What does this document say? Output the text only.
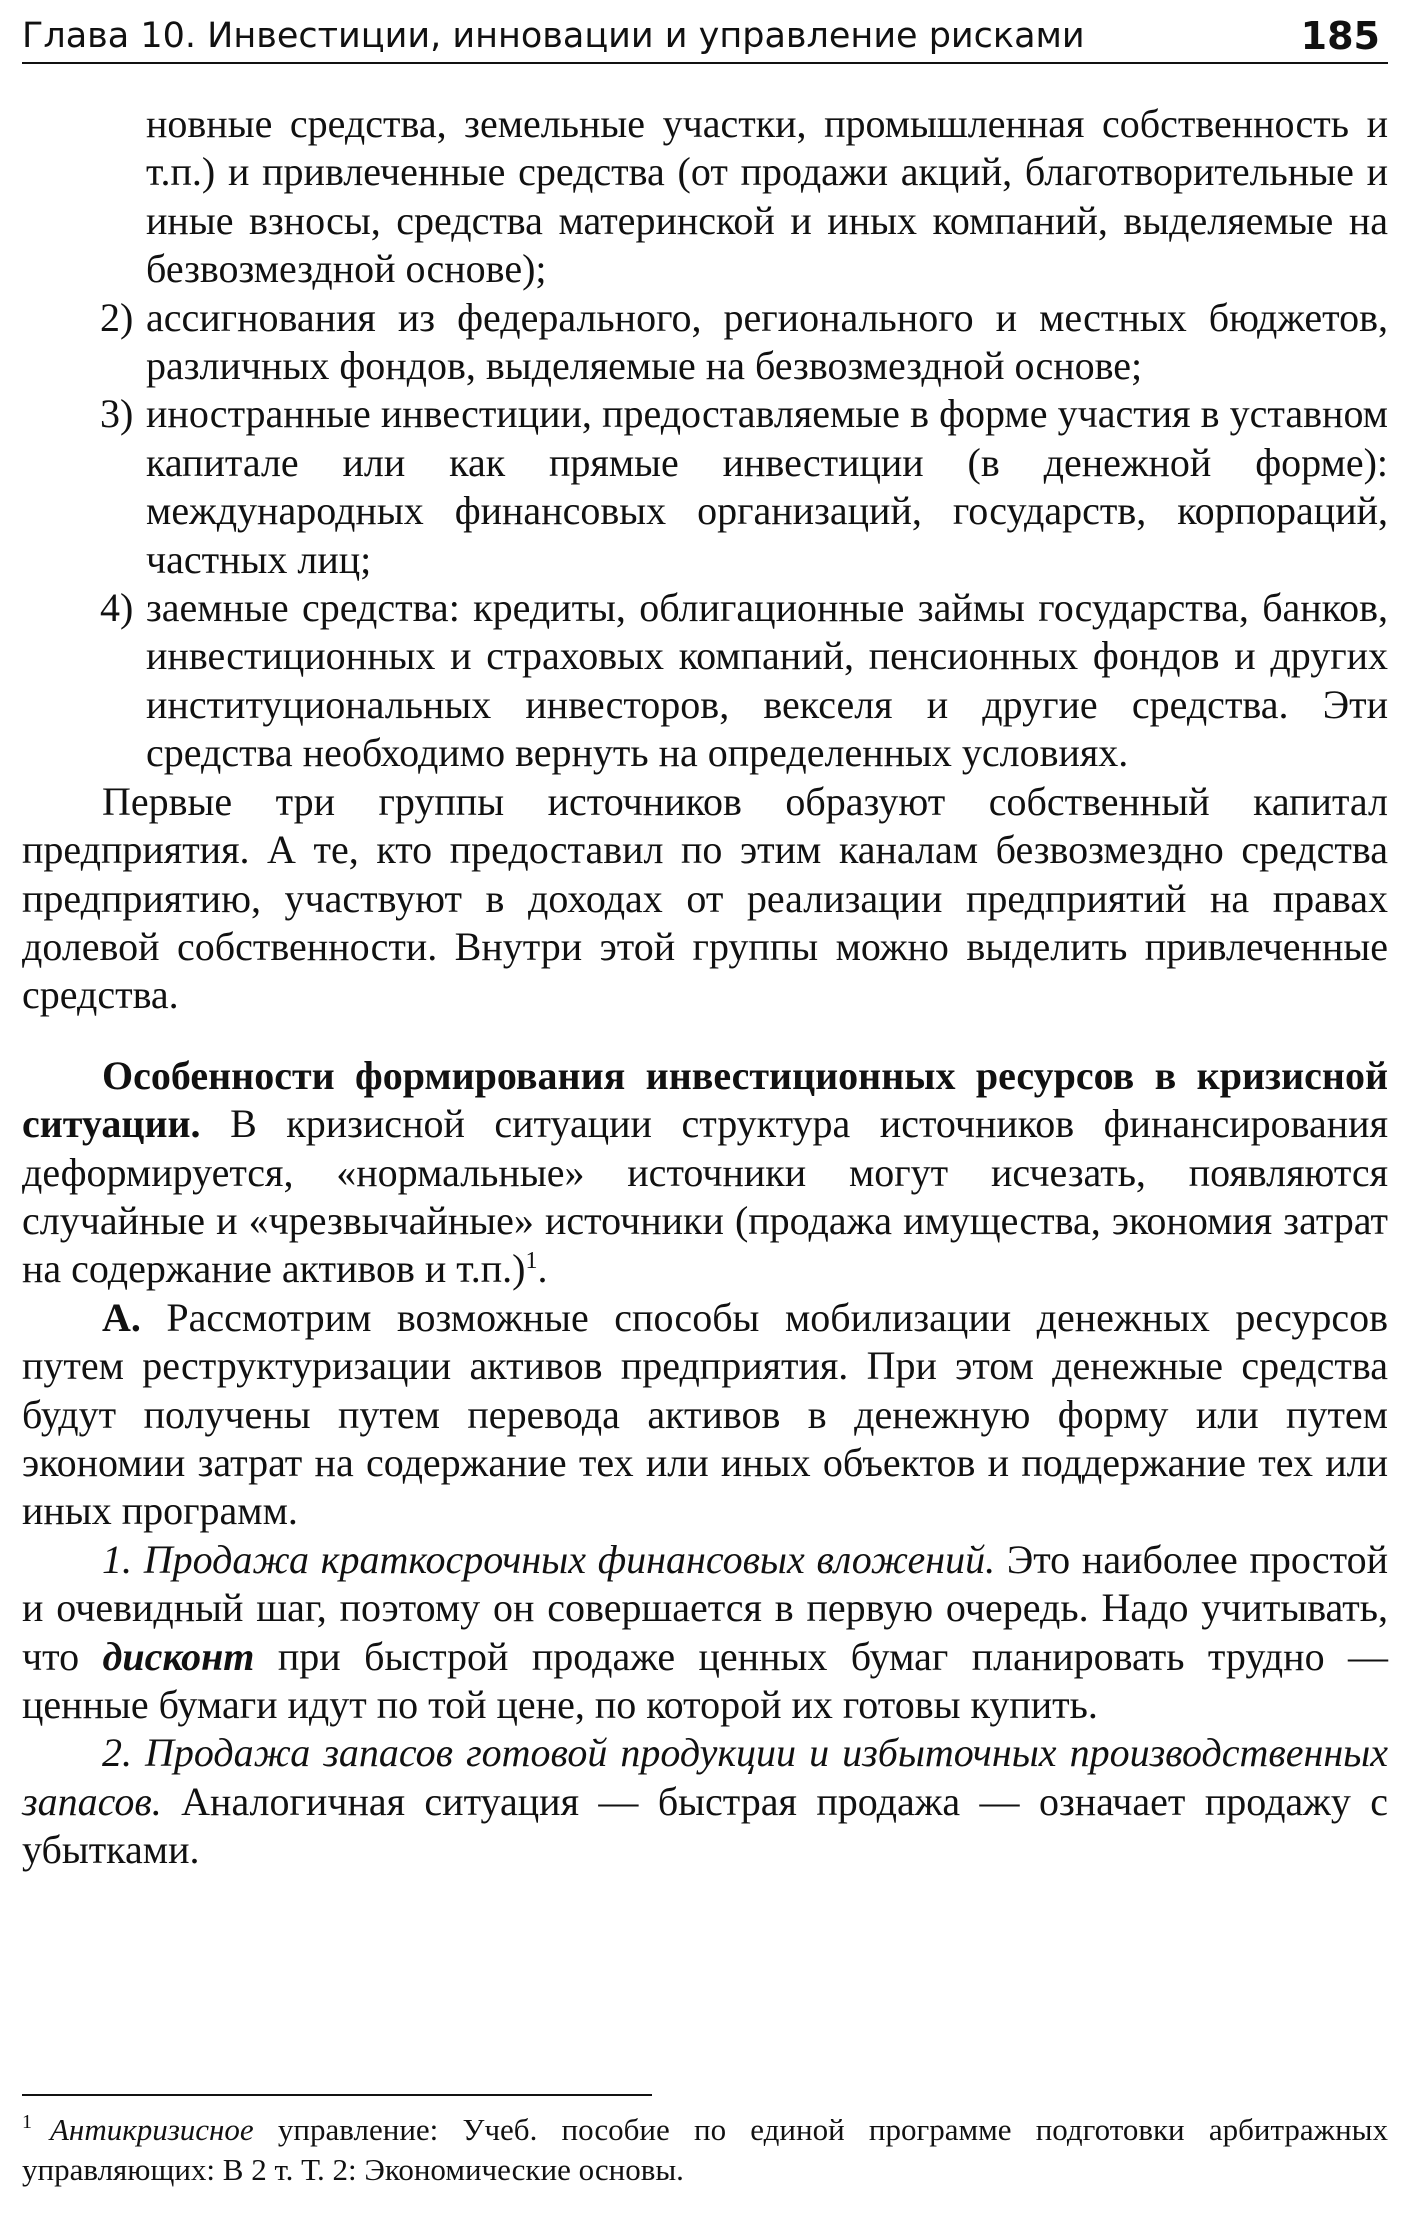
Глава 10. Инвестиции, инновации и управление рисками	185

новные средства, земельные участки, промышленная собственность и т.п.) и привлеченные средства (от продажи акций, благотворительные и иные взносы, средства материнской и иных компаний, выделяемые на безвозмездной основе);

2) ассигнования из федерального, регионального и местных бюджетов, различных фондов, выделяемые на безвозмездной основе;
3) иностранные инвестиции, предоставляемые в форме участия в уставном капитале или как прямые инвестиции (в денежной форме): международных финансовых организаций, государств, корпораций, частных лиц;
4) заемные средства: кредиты, облигационные займы государства, банков, инвестиционных и страховых компаний, пенсионных фондов и других институциональных инвесторов, векселя и другие средства. Эти средства необходимо вернуть на определенных условиях.

Первые три группы источников образуют собственный капитал предприятия. А те, кто предоставил по этим каналам безвозмездно средства предприятию, участвуют в доходах от реализации предприятий на правах долевой собственности. Внутри этой группы можно выделить привлеченные средства.

Особенности формирования инвестиционных ресурсов в кризисной ситуации. В кризисной ситуации структура источников финансирования деформируется, «нормальные» источники могут исчезать, появляются случайные и «чрезвычайные» источники (продажа имущества, экономия затрат на содержание активов и т.п.)$^1$.

А. Рассмотрим возможные способы мобилизации денежных ресурсов путем реструктуризации активов предприятия. При этом денежные средства будут получены путем перевода активов в денежную форму или путем экономии затрат на содержание тех или иных объектов и поддержание тех или иных программ.

1. Продажа краткосрочных финансовых вложений. Это наиболее простой и очевидный шаг, поэтому он совершается в первую очередь. Надо учитывать, что дисконт при быстрой продаже ценных бумаг планировать трудно — ценные бумаги идут по той цене, по которой их готовы купить.

2. Продажа запасов готовой продукции и избыточных производственных запасов. Аналогичная ситуация — быстрая продажа — означает продажу с убытками.

1 Антикризисное управление: Учеб. пособие по единой программе подготовки арбитражных управляющих: В 2 т. Т. 2: Экономические основы.
